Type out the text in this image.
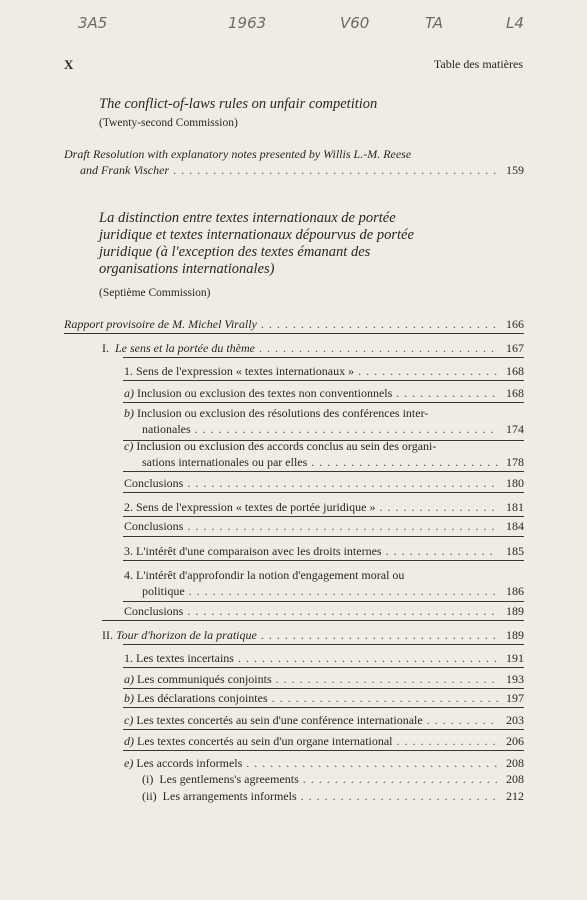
3A5	1963	V60	TA	L4
X	Table des matières
The conflict-of-laws rules on unfair competition
(Twenty-second Commission)
Draft Resolution with explanatory notes presented by Willis L.-M. Reese
and Frank Vischer . . .	159
La distinction entre textes internationaux de portée
juridique et textes internationaux dépourvus de portée
juridique (à l'exception des textes émanant des
organisations internationales)
(Septième Commission)
Rapport provisoire de M. Michel Virally . . .	166
I. Le sens et la portée du thème . . .	167
1. Sens de l'expression « textes internationaux » . . .	168
a) Inclusion ou exclusion des textes non conventionnels . . .	168
b) Inclusion ou exclusion des résolutions des conférences inter-
nationales . . .	174
c) Inclusion ou exclusion des accords conclus au sein des organi-
sations internationales ou par elles . . .	178
Conclusions . . .	180
2. Sens de l'expression « textes de portée juridique » . . .	181
Conclusions . . .	184
3. L'intérêt d'une comparaison avec les droits internes . . .	185
4. L'intérêt d'approfondir la notion d'engagement moral ou
politique . . .	186
Conclusions . . .	189
II. Tour d'horizon de la pratique . . .	189
1. Les textes incertains . . .	191
a) Les communiqués conjoints . . .	193
b) Les déclarations conjointes . . .	197
c) Les textes concertés au sein d'une conférence internationale . . .	203
d) Les textes concertés au sein d'un organe international . . .	206
e) Les accords informels . . .	208
(i) Les gentlemens's agreements . . .	208
(ii) Les arrangements informels . . .	212
